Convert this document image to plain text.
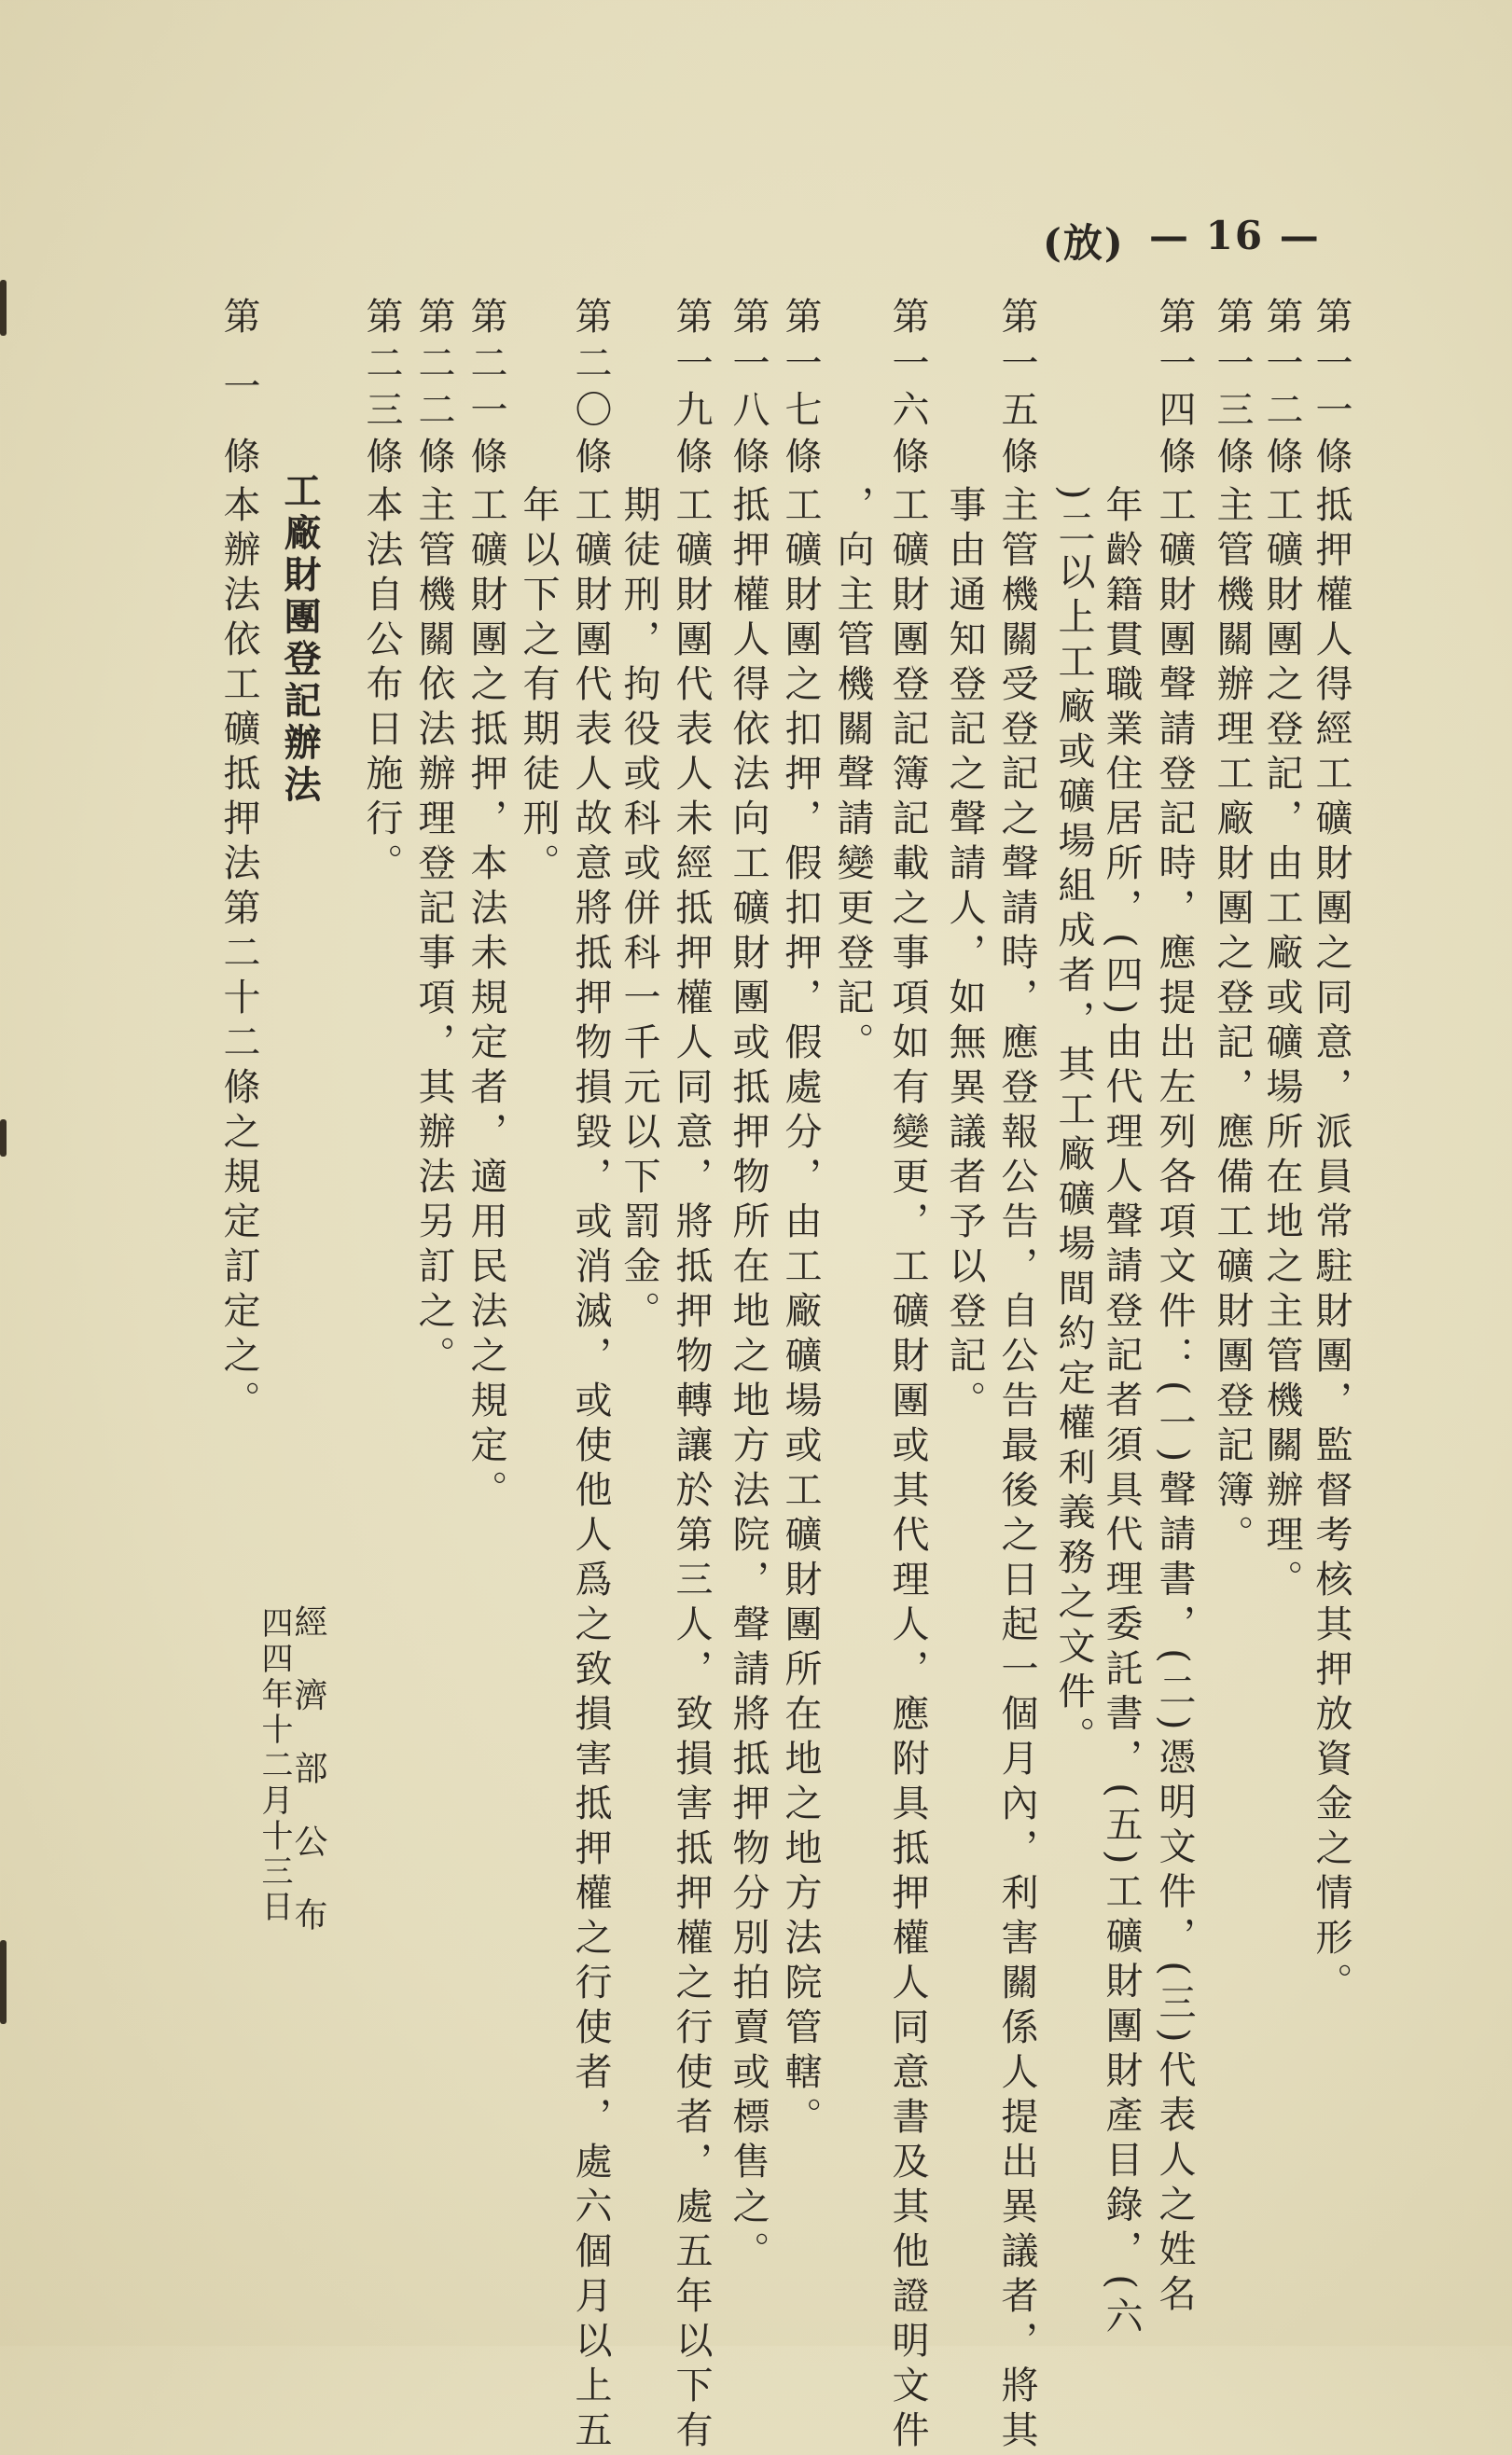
(放) — 16 —
第一一條
抵押權人得經工礦財團之同意，派員常駐財團，監督考核其押放資金之情形。
第一二條
工礦財團之登記，由工廠或礦場所在地之主管機關辦理。
第一三條
主管機關辦理工廠財團之登記，應備工礦財團登記簿。
第一四條
工礦財團聲請登記時，應提出左列各項文件：(一)聲請書，(二)憑明文件，(三)代表人之姓名
年齡籍貫職業住居所，(四)由代理人聲請登記者須具代理委託書，(五)工礦財團財產目錄，(六
)二以上工廠或礦場組成者，其工廠礦場間約定權利義務之文件。
第一五條
主管機關受登記之聲請時，應登報公告，自公告最後之日起一個月內，利害關係人提出異議者，將其
事由通知登記之聲請人，如無異議者予以登記。
第一六條
工礦財團登記簿記載之事項如有變更，工礦財團或其代理人，應附具抵押權人同意書及其他證明文件
，向主管機關聲請變更登記。
第一七條
工礦財團之扣押，假扣押，假處分，由工廠礦場或工礦財團所在地之地方法院管轄。
第一八條
抵押權人得依法向工礦財團或抵押物所在地之地方法院，聲請將抵押物分別拍賣或標售之。
第一九條
工礦財團代表人未經抵押權人同意，將抵押物轉讓於第三人，致損害抵押權之行使者，處五年以下有
期徒刑，拘役或科或併科一千元以下罰金。
第二〇條
工礦財團代表人故意將抵押物損毀，或消滅，或使他人爲之致損害抵押權之行使者，處六個月以上五
年以下之有期徒刑。
第二一條
工礦財團之抵押，本法未規定者，適用民法之規定。
第二二條
主管機關依法辦理登記事項，其辦法另訂之。
第二三條
本法自公布日施行。
工廠財團登記辦法
第一條
本辦法依工礦抵押法第二十二條之規定訂定之。
經濟部公布
四四年十二月十三日
